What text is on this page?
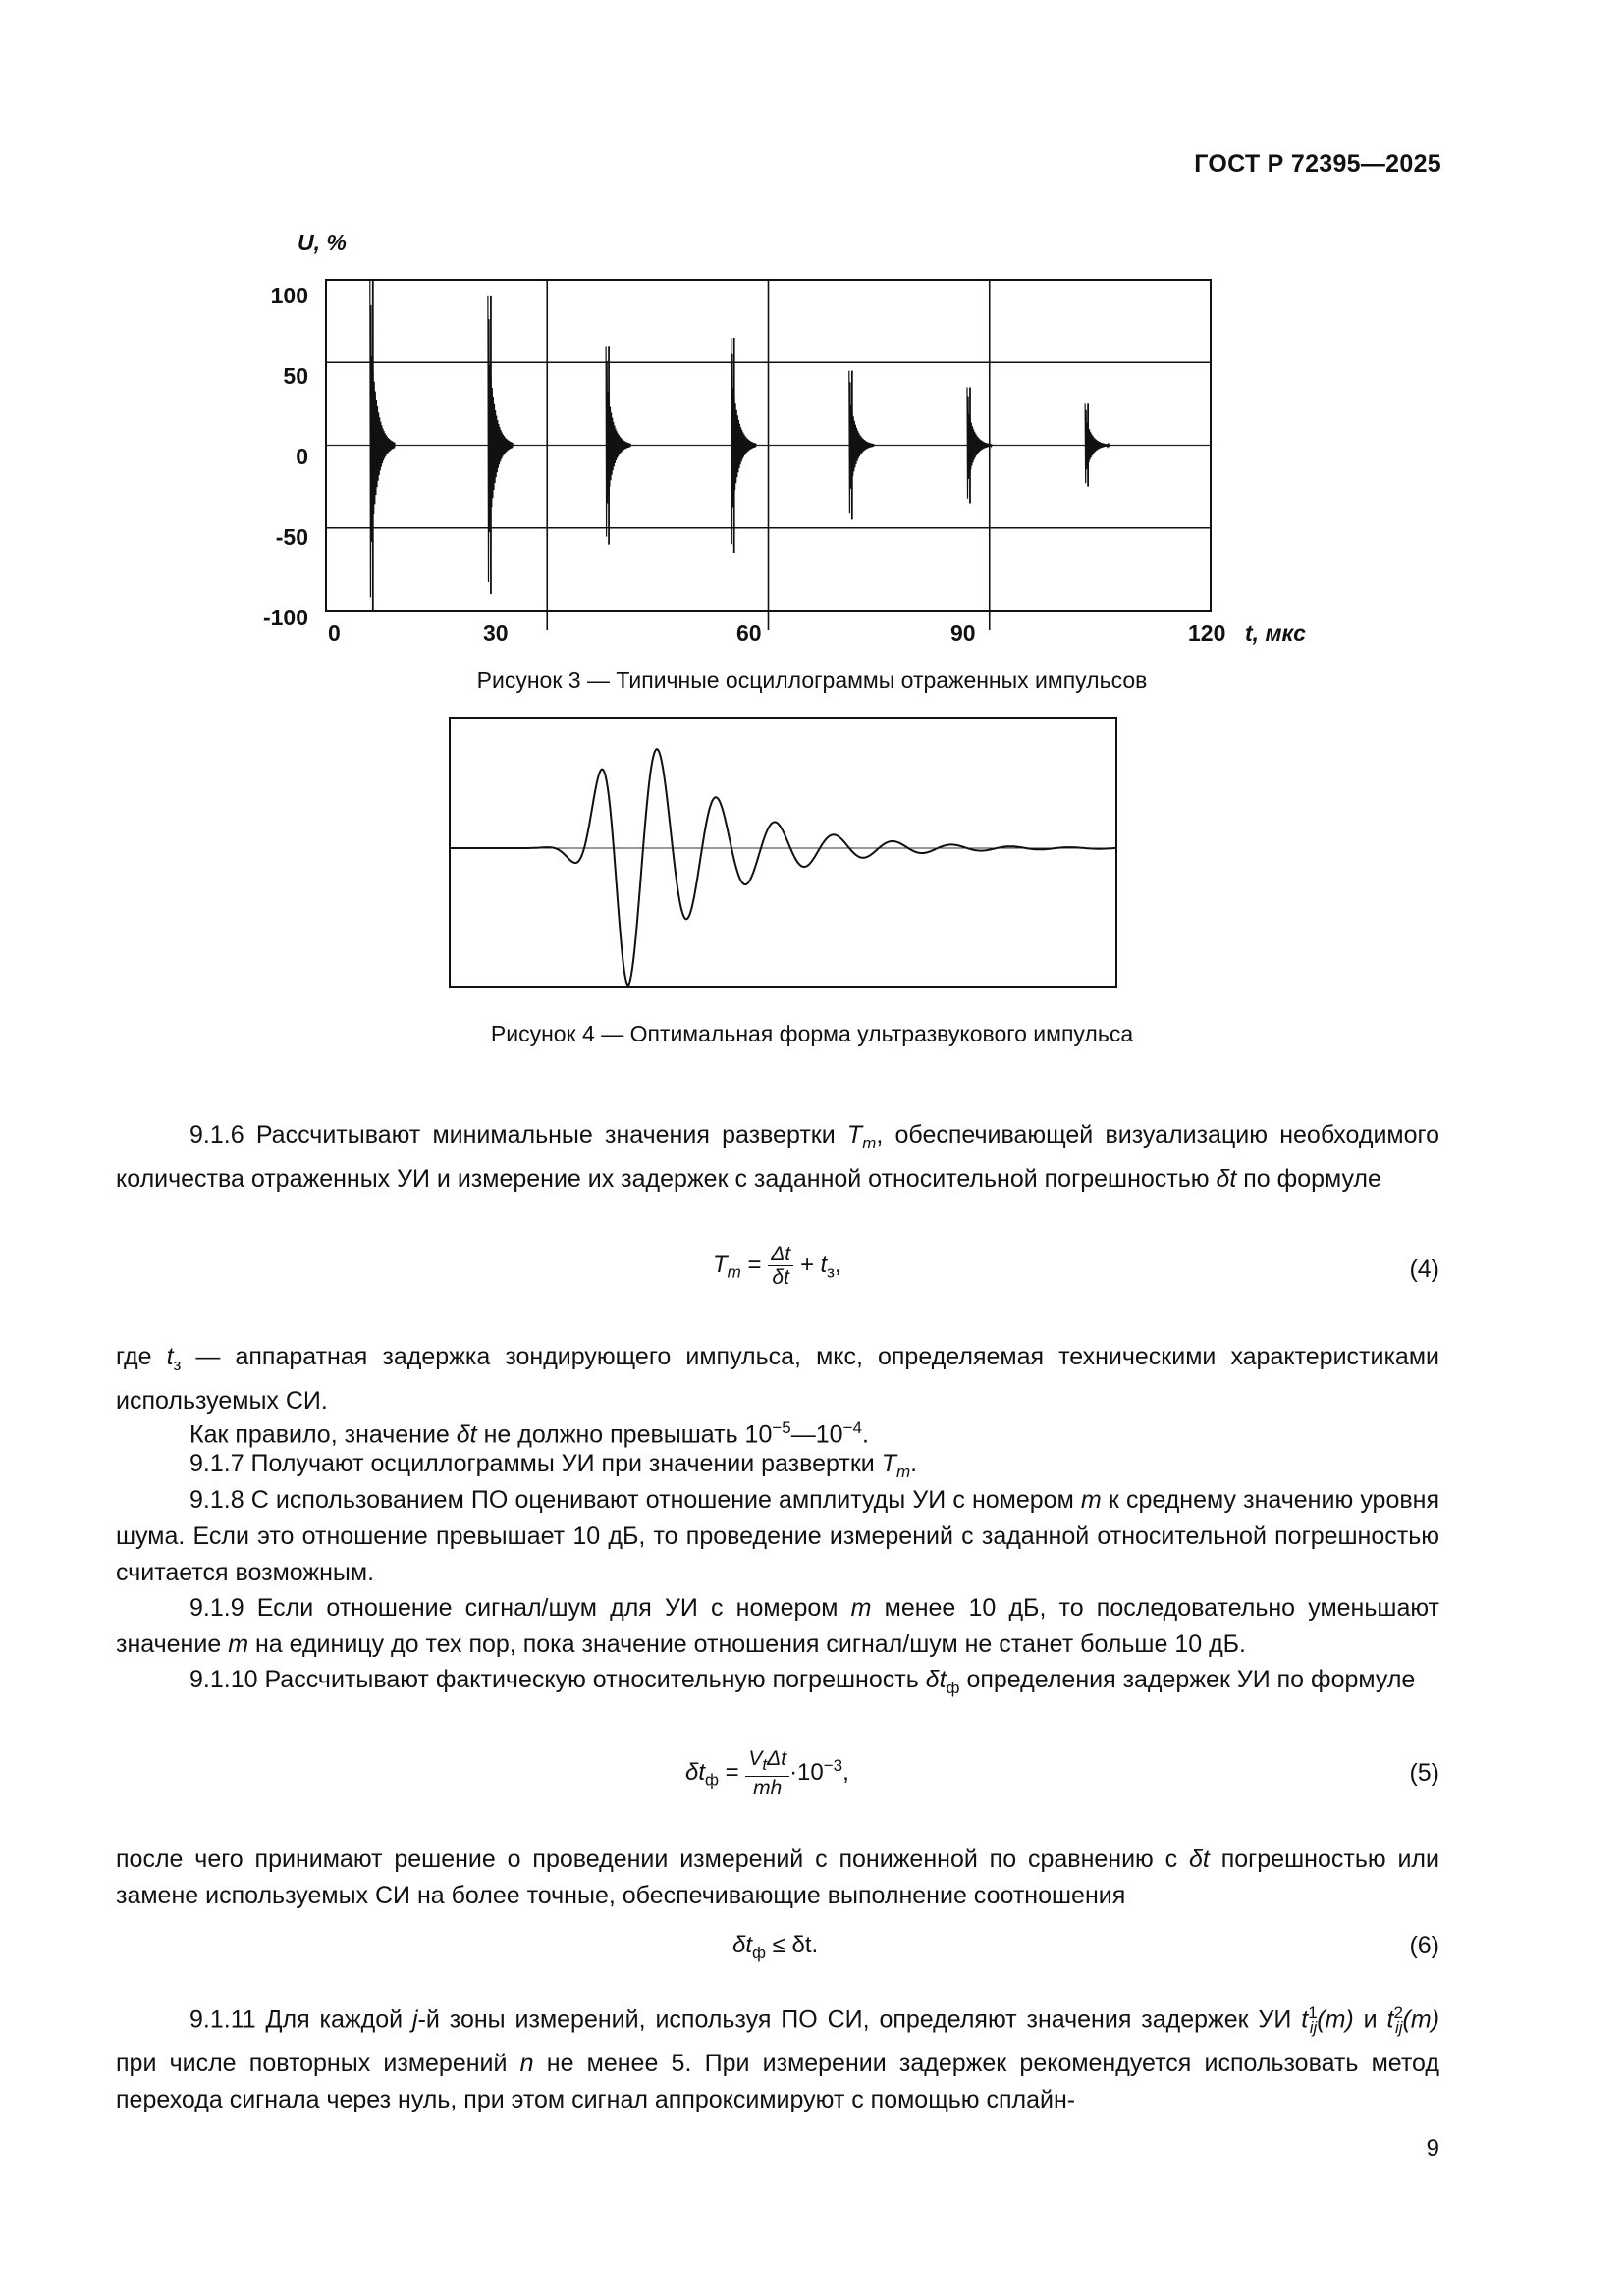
ГОСТ Р 72395—2025
U, %
100
50
0
-50
-100
0	30	60	90	120 t, мкс
Рисунок 3 — Типичные осциллограммы отраженных импульсов
Рисунок 4 — Оптимальная форма ультразвукового импульса
9.1.6 Рассчитывают минимальные значения развертки $T_m$, обеспечивающей визуализацию необходимого количества отраженных УИ и измерение их задержек с заданной относительной погрешностью δt по формуле
$T_m = \frac{\Delta t}{\delta t} + t_з$,	(4)
где $t_з$ — аппаратная задержка зондирующего импульса, мкс, определяемая техническими характеристиками используемых СИ.
Как правило, значение δt не должно превышать $10^{-5}—10^{-4}$.
9.1.7 Получают осциллограммы УИ при значении развертки $T_m$.
9.1.8 С использованием ПО оценивают отношение амплитуды УИ с номером m к среднему значению уровня шума. Если это отношение превышает 10 дБ, то проведение измерений с заданной относительной погрешностью считается возможным.
9.1.9 Если отношение сигнал/шум для УИ с номером m менее 10 дБ, то последовательно уменьшают значение m на единицу до тех пор, пока значение отношения сигнал/шум не станет больше 10 дБ.
9.1.10 Рассчитывают фактическую относительную погрешность $\delta t_ф$ определения задержек УИ по формуле
$\delta t_ф = \frac{V_t\Delta t}{mh} \cdot 10^{-3}$,	(5)
после чего принимают решение о проведении измерений с пониженной по сравнению с δt погрешностью или замене используемых СИ на более точные, обеспечивающие выполнение соотношения
$\delta t_ф \le \delta t$.	(6)
9.1.11 Для каждой j-й зоны измерений, используя ПО СИ, определяют значения задержек УИ $t^1_{ij}(m)$ и $t^2_{ij}(m)$ при числе повторных измерений n не менее 5. При измерении задержек рекомендуется использовать метод перехода сигнала через нуль, при этом сигнал аппроксимируют с помощью сплайн-
9
